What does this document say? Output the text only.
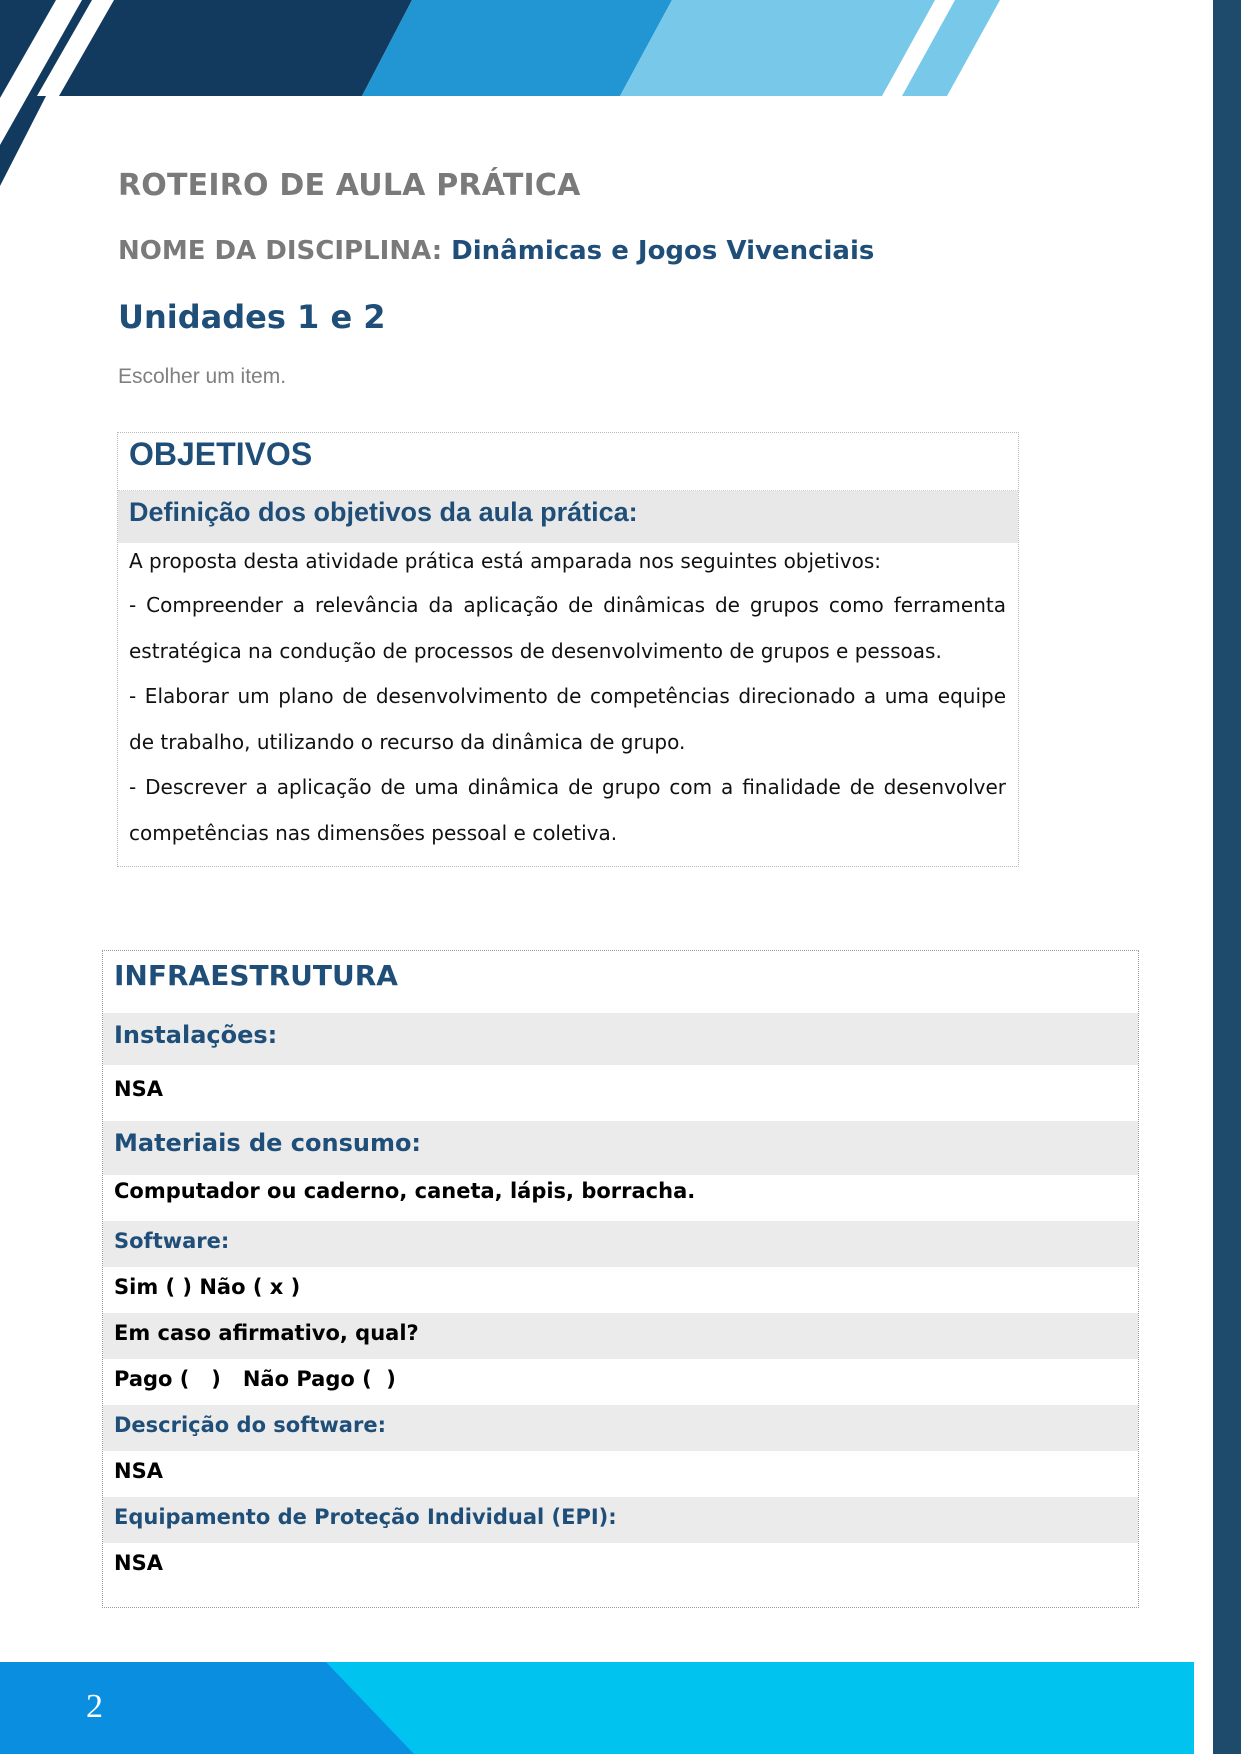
ROTEIRO DE AULA PRÁTICA
NOME DA DISCIPLINA: Dinâmicas e Jogos Vivenciais
Unidades 1 e 2
Escolher um item.
OBJETIVOS
Definição dos objetivos da aula prática:

A proposta desta atividade prática está amparada nos seguintes objetivos:

- Compreender a relevância da aplicação de dinâmicas de grupos como ferramenta estratégica na condução de processos de desenvolvimento de grupos e pessoas.

- Elaborar um plano de desenvolvimento de competências direcionado a uma equipe de trabalho, utilizando o recurso da dinâmica de grupo.

- Descrever a aplicação de uma dinâmica de grupo com a finalidade de desenvolver competências nas dimensões pessoal e coletiva.

INFRAESTRUTURA
Instalações:
NSA
Materiais de consumo:
Computador ou caderno, caneta, lápis, borracha.
Software:
Sim ( ) Não ( x )
Em caso afirmativo, qual?
Pago (   )   Não Pago (  )
Descrição do software:
NSA
Equipamento de Proteção Individual (EPI):
NSA
2
